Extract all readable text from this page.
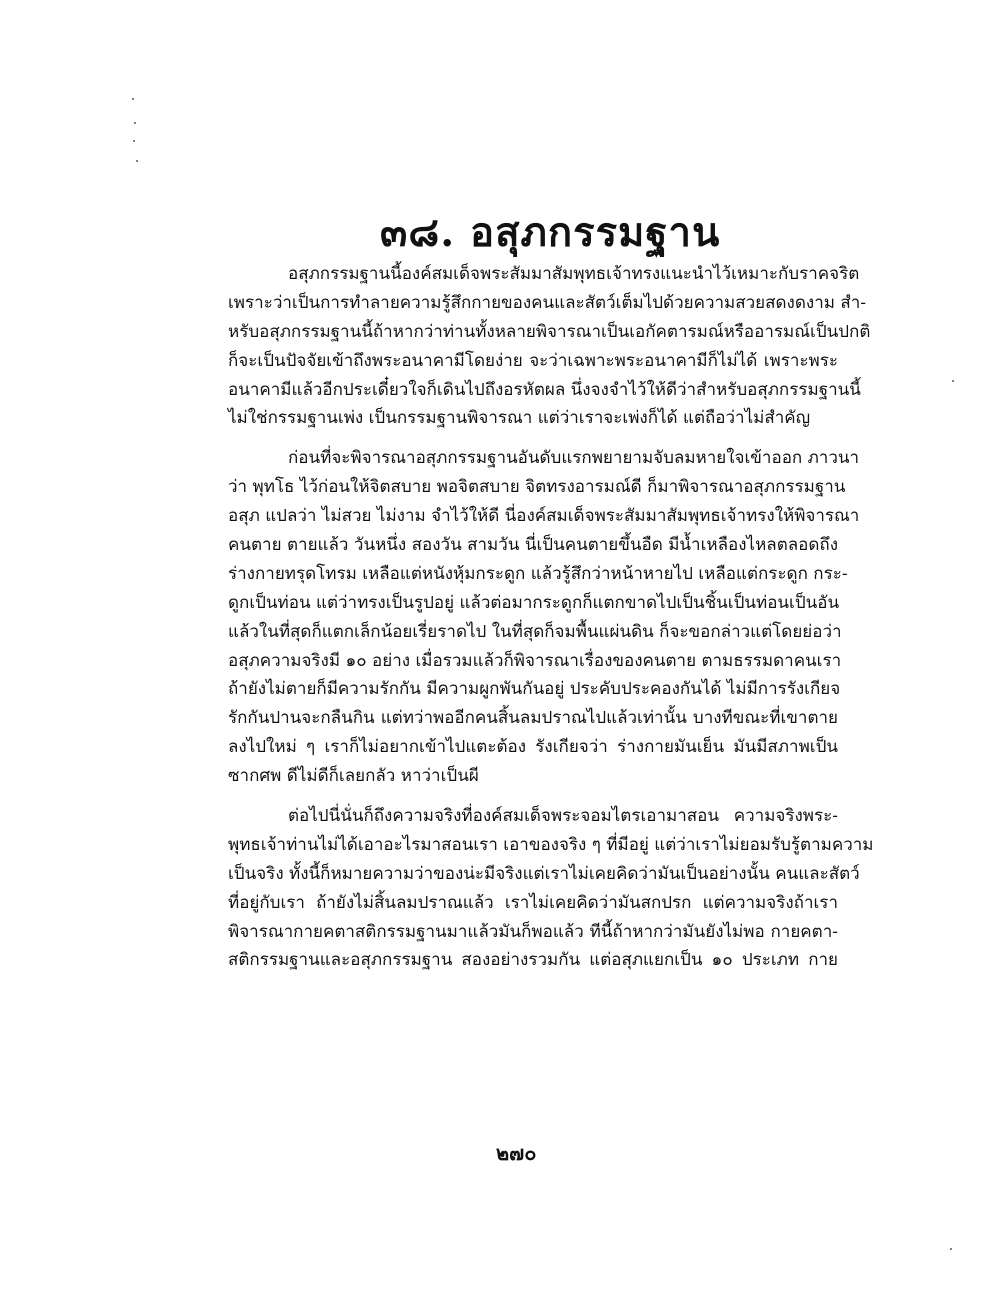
๓๘. อสุภกรรมฐาน
อสุภกรรมฐานนี้องค์สมเด็จพระสัมมาสัมพุทธเจ้าทรงแนะนำไว้เหมาะกับราคจริต
เพราะว่าเป็นการทำลายความรู้สึกกายของคนและสัตว์เต็มไปด้วยความสวยสดงดงาม สำ-
หรับอสุภกรรมฐานนี้ถ้าหากว่าท่านทั้งหลายพิจารณาเป็นเอกัคตารมณ์หรืออารมณ์เป็นปกติ
ก็จะเป็นปัจจัยเข้าถึงพระอนาคามีโดยง่าย จะว่าเฉพาะพระอนาคามีก็ไม่ได้ เพราะพระ
อนาคามีแล้วอีกประเดี๋ยวใจก็เดินไปถึงอรหัตผล นึ่งจงจำไว้ให้ดีว่าสำหรับอสุภกรรมฐานนี้
ไม่ใช่กรรมฐานเพ่ง เป็นกรรมฐานพิจารณา แต่ว่าเราจะเพ่งก็ได้ แต่ถือว่าไม่สำคัญ
ก่อนที่จะพิจารณาอสุภกรรมฐานอันดับแรกพยายามจับลมหายใจเข้าออก ภาวนา
ว่า พุทโธ ไว้ก่อนให้จิตสบาย พอจิตสบาย จิตทรงอารมณ์ดี ก็มาพิจารณาอสุภกรรมฐาน
อสุภ แปลว่า ไม่สวย ไม่งาม จำไว้ให้ดี นี่องค์สมเด็จพระสัมมาสัมพุทธเจ้าทรงให้พิจารณา
คนตาย ตายแล้ว วันหนึ่ง สองวัน สามวัน นี่เป็นคนตายขึ้นอืด มีน้ำเหลืองไหลตลอดถึง
ร่างกายทรุดโทรม เหลือแต่หนังหุ้มกระดูก แล้วรู้สึกว่าหน้าหายไป เหลือแต่กระดูก กระ-
ดูกเป็นท่อน แต่ว่าทรงเป็นรูปอยู่ แล้วต่อมากระดูกก็แตกขาดไปเป็นชิ้นเป็นท่อนเป็นอัน
แล้วในที่สุดก็แตกเล็กน้อยเรี่ยราดไป ในที่สุดก็จมพื้นแผ่นดิน ก็จะขอกล่าวแต่โดยย่อว่า
อสุภความจริงมี ๑๐ อย่าง เมื่อรวมแล้วก็พิจารณาเรื่องของคนตาย ตามธรรมดาคนเรา
ถ้ายังไม่ตายก็มีความรักกัน มีความผูกพันกันอยู่ ประคับประคองกันได้ ไม่มีการรังเกียจ
รักกันปานจะกลืนกิน แต่ทว่าพออีกคนสิ้นลมปราณไปแล้วเท่านั้น บางทีขณะที่เขาตาย
ลงไปใหม่ ๆ เราก็ไม่อยากเข้าไปแตะต้อง รังเกียจว่า ร่างกายมันเย็น มันมีสภาพเป็น
ซากศพ ดีไม่ดีก็เลยกลัว หาว่าเป็นผี
ต่อไปนี่นั่นก็ถึงความจริงที่องค์สมเด็จพระจอมไตรเอามาสอน ความจริงพระ-
พุทธเจ้าท่านไม่ได้เอาอะไรมาสอนเรา เอาของจริง ๆ ที่มีอยู่ แต่ว่าเราไม่ยอมรับรู้ตามความ
เป็นจริง ทั้งนี้ก็หมายความว่าของน่ะมีจริงแต่เราไม่เคยคิดว่ามันเป็นอย่างนั้น คนและสัตว์
ที่อยู่กับเรา ถ้ายังไม่สิ้นลมปราณแล้ว เราไม่เคยคิดว่ามันสกปรก แต่ความจริงถ้าเรา
พิจารณากายคตาสติกรรมฐานมาแล้วมันก็พอแล้ว ทีนี้ถ้าหากว่ามันยังไม่พอ กายคตา-
สติกรรมฐานและอสุภกรรมฐาน สองอย่างรวมกัน แต่อสุภแยกเป็น ๑๐ ประเภท กาย
๒๗๐
